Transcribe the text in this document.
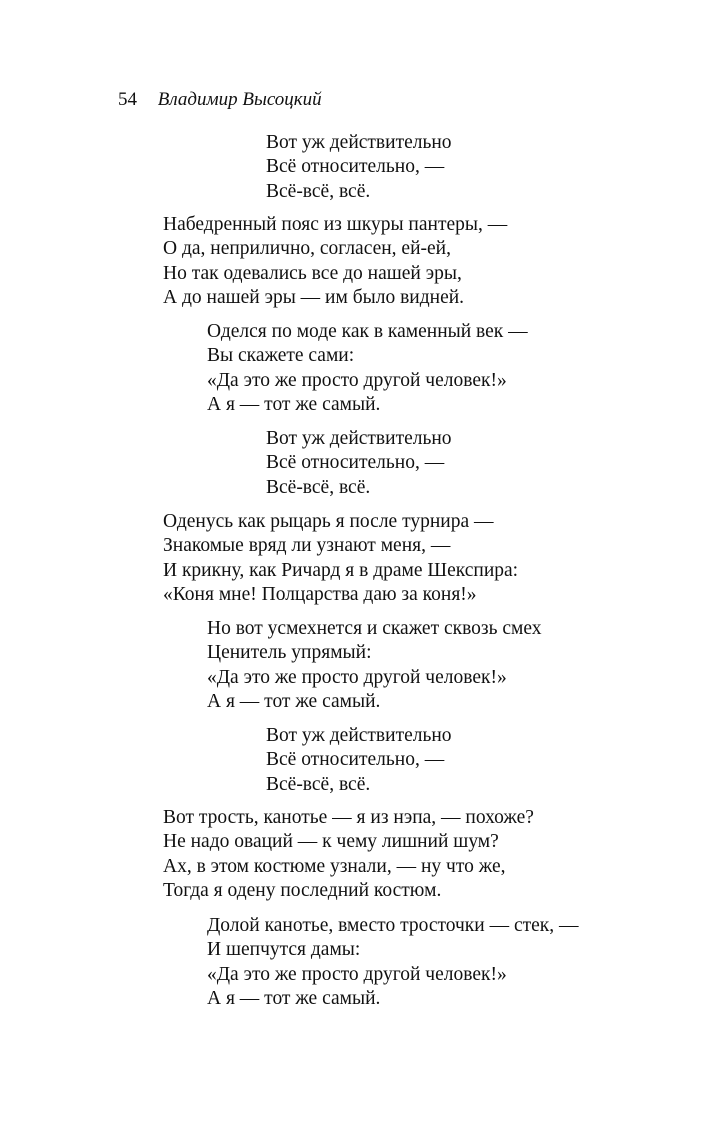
54 Владимир Высоцкий
Вот уж действительно
Всё относительно, —
Всё-всё, всё.
Набедренный пояс из шкуры пантеры, —
О да, неприлично, согласен, ей-ей,
Но так одевались все до нашей эры,
А до нашей эры — им было видней.
Оделся по моде как в каменный век —
Вы скажете сами:
«Да это же просто другой человек!»
А я — тот же самый.
Вот уж действительно
Всё относительно, —
Всё-всё, всё.
Оденусь как рыцарь я после турнира —
Знакомые вряд ли узнают меня, —
И крикну, как Ричард я в драме Шекспира:
«Коня мне! Полцарства даю за коня!»
Но вот усмехнется и скажет сквозь смех
Ценитель упрямый:
«Да это же просто другой человек!»
А я — тот же самый.
Вот уж действительно
Всё относительно, —
Всё-всё, всё.
Вот трость, канотье — я из нэпа, — похоже?
Не надо оваций — к чему лишний шум?
Ах, в этом костюме узнали, — ну что же,
Тогда я одену последний костюм.
Долой канотье, вместо тросточки — стек, —
И шепчутся дамы:
«Да это же просто другой человек!»
А я — тот же самый.
